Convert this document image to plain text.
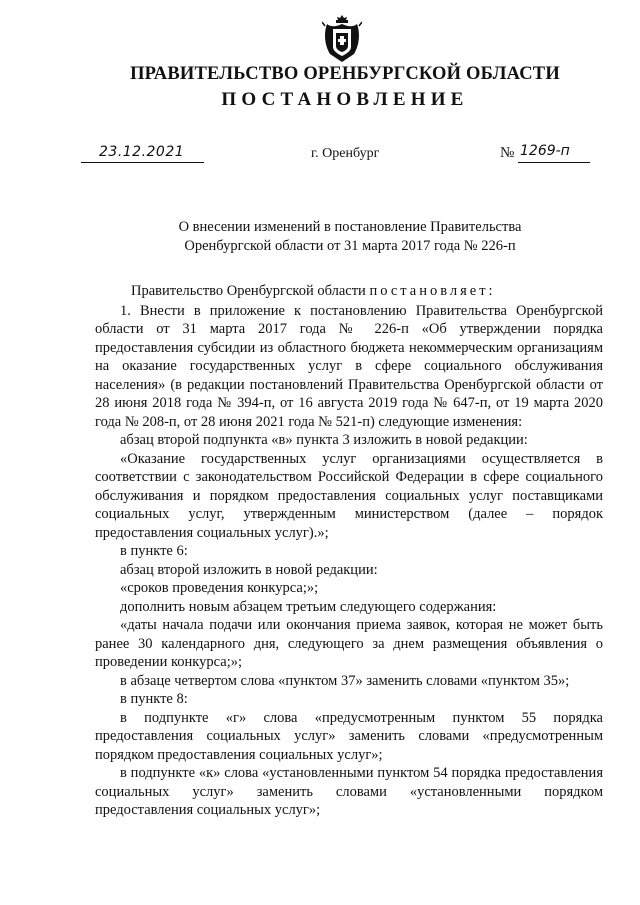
ПРАВИТЕЛЬСТВО ОРЕНБУРГСКОЙ ОБЛАСТИ
ПОСТАНОВЛЕНИЕ
23.12.2021	г. Оренбург	№ 1269-п
О внесении изменений в постановление Правительства
Оренбургской области от 31 марта 2017 года № 226-п

Правительство Оренбургской области постановляет:

1. Внести в приложение к постановлению Правительства Оренбургской области от 31 марта 2017 года № 226-п «Об утверждении порядка предоставления субсидии из областного бюджета некоммерческим организациям на оказание государственных услуг в сфере социального обслуживания населения» (в редакции постановлений Правительства Оренбургской области от 28 июня 2018 года № 394-п, от 16 августа 2019 года № 647-п, от 19 марта 2020 года № 208-п, от 28 июня 2021 года № 521-п) следующие изменения:

абзац второй подпункта «в» пункта 3 изложить в новой редакции:

«Оказание государственных услуг организациями осуществляется в соответствии с законодательством Российской Федерации в сфере социального обслуживания и порядком предоставления социальных услуг поставщиками социальных услуг, утвержденным министерством (далее – порядок предоставления социальных услуг).»;

в пункте 6:

абзац второй изложить в новой редакции:

«сроков проведения конкурса;»;

дополнить новым абзацем третьим следующего содержания:

«даты начала подачи или окончания приема заявок, которая не может быть ранее 30 календарного дня, следующего за днем размещения объявления о проведении конкурса;»;

в абзаце четвертом слова «пунктом 37» заменить словами «пунктом 35»;

в пункте 8:

в подпункте «г» слова «предусмотренным пунктом 55 порядка предоставления социальных услуг» заменить словами «предусмотренным порядком предоставления социальных услуг»;

в подпункте «к» слова «установленными пунктом 54 порядка предоставления социальных услуг» заменить словами «установленными порядком предоставления социальных услуг»;
